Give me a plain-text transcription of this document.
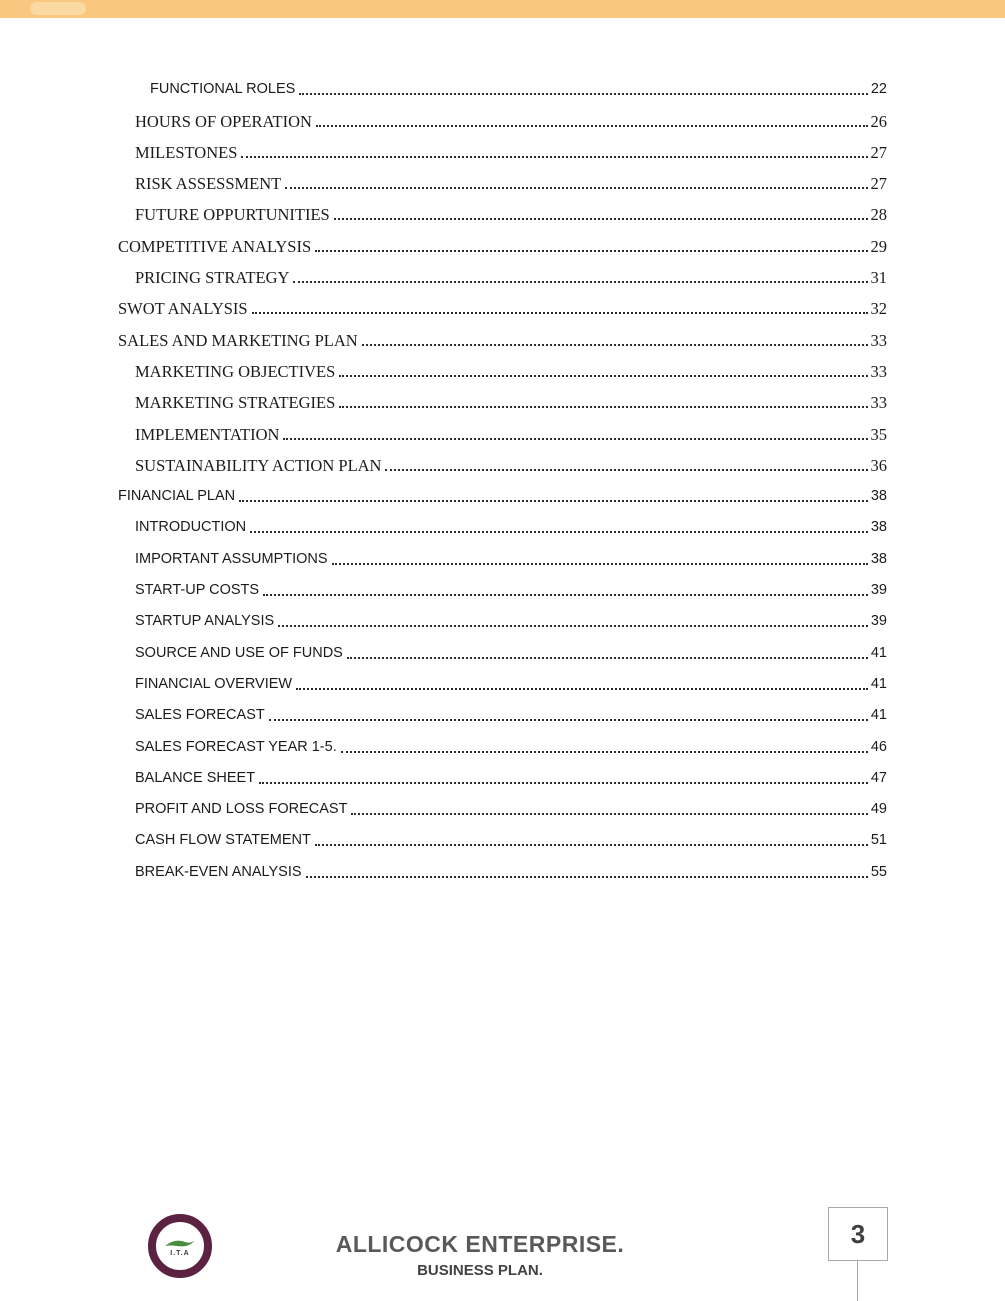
FUNCTIONAL ROLES	22
HOURS OF OPERATION	26
MILESTONES	27
RISK ASSESSMENT	27
FUTURE OPPURTUNITIES	28
COMPETITIVE ANALYSIS	29
PRICING STRATEGY	31
SWOT ANALYSIS	32
SALES AND MARKETING PLAN	33
MARKETING OBJECTIVES	33
MARKETING STRATEGIES	33
IMPLEMENTATION	35
SUSTAINABILITY ACTION PLAN	36
FINANCIAL PLAN	38
INTRODUCTION	38
IMPORTANT ASSUMPTIONS	38
START-UP COSTS	39
STARTUP ANALYSIS	39
SOURCE AND USE OF FUNDS	41
FINANCIAL OVERVIEW	41
SALES FORECAST	41
SALES FORECAST YEAR 1-5.	46
BALANCE SHEET	47
PROFIT AND LOSS FORECAST	49
CASH FLOW STATEMENT	51
BREAK-EVEN ANALYSIS	55
I.T.A	ALLICOCK ENTERPRISE.
BUSINESS PLAN.
3
